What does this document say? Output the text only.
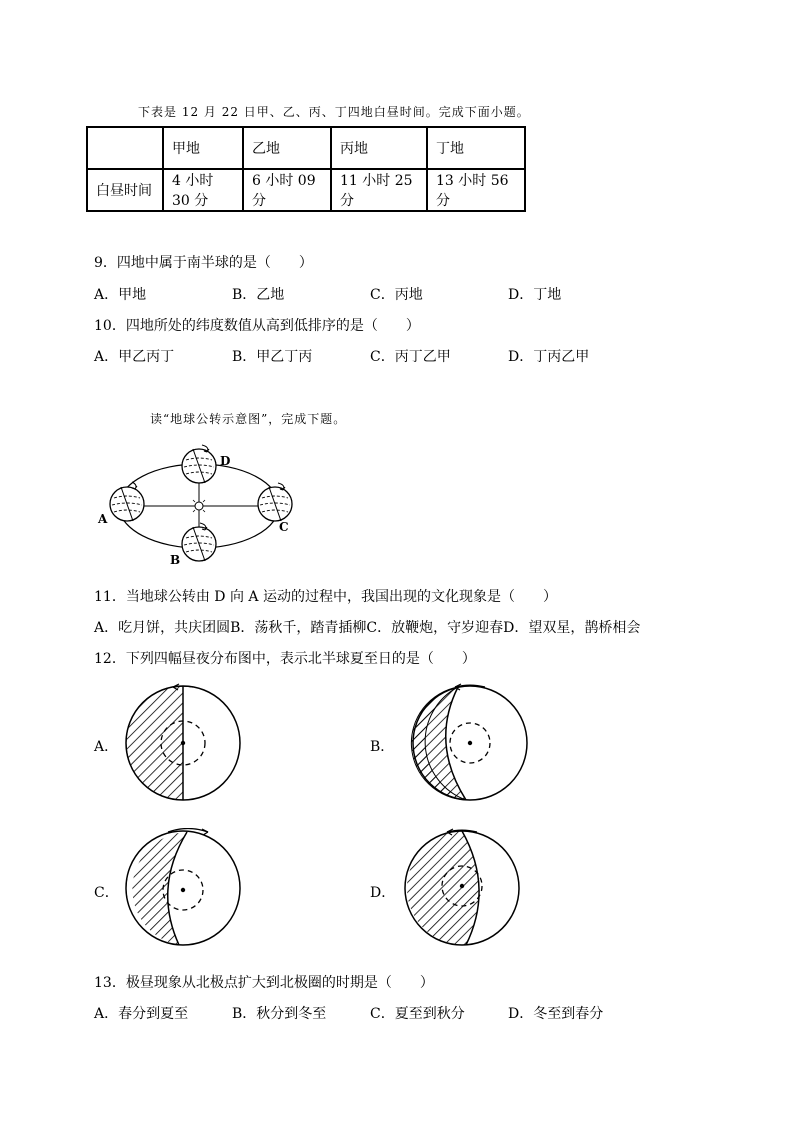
下表是 12 月 22 日甲、乙、丙、丁四地白昼时间。完成下面小题。
	甲地	乙地	丙地	丁地
白昼时间	4 小时 30 分	6 小时 09 分	11 小时 25 分	13 小时 56 分
9．四地中属于南半球的是（　　）
A．甲地	B．乙地	C．丙地	D．丁地
10．四地所处的纬度数值从高到低排序的是（　　）
A．甲乙丙丁	B．甲乙丁丙	C．丙丁乙甲	D．丁丙乙甲
读“地球公转示意图”，完成下题。
A
B
C
D
11．当地球公转由 D 向 A 运动的过程中，我国出现的文化现象是（　　）
A．吃月饼，共庆团圆B．荡秋千，踏青插柳C．放鞭炮，守岁迎春D．望双星，鹊桥相会
12．下列四幅昼夜分布图中，表示北半球夏至日的是（　　）
A．	B．
C．	D．
13．极昼现象从北极点扩大到北极圈的时期是（　　）
A．春分到夏至	B．秋分到冬至	C．夏至到秋分	D．冬至到春分
